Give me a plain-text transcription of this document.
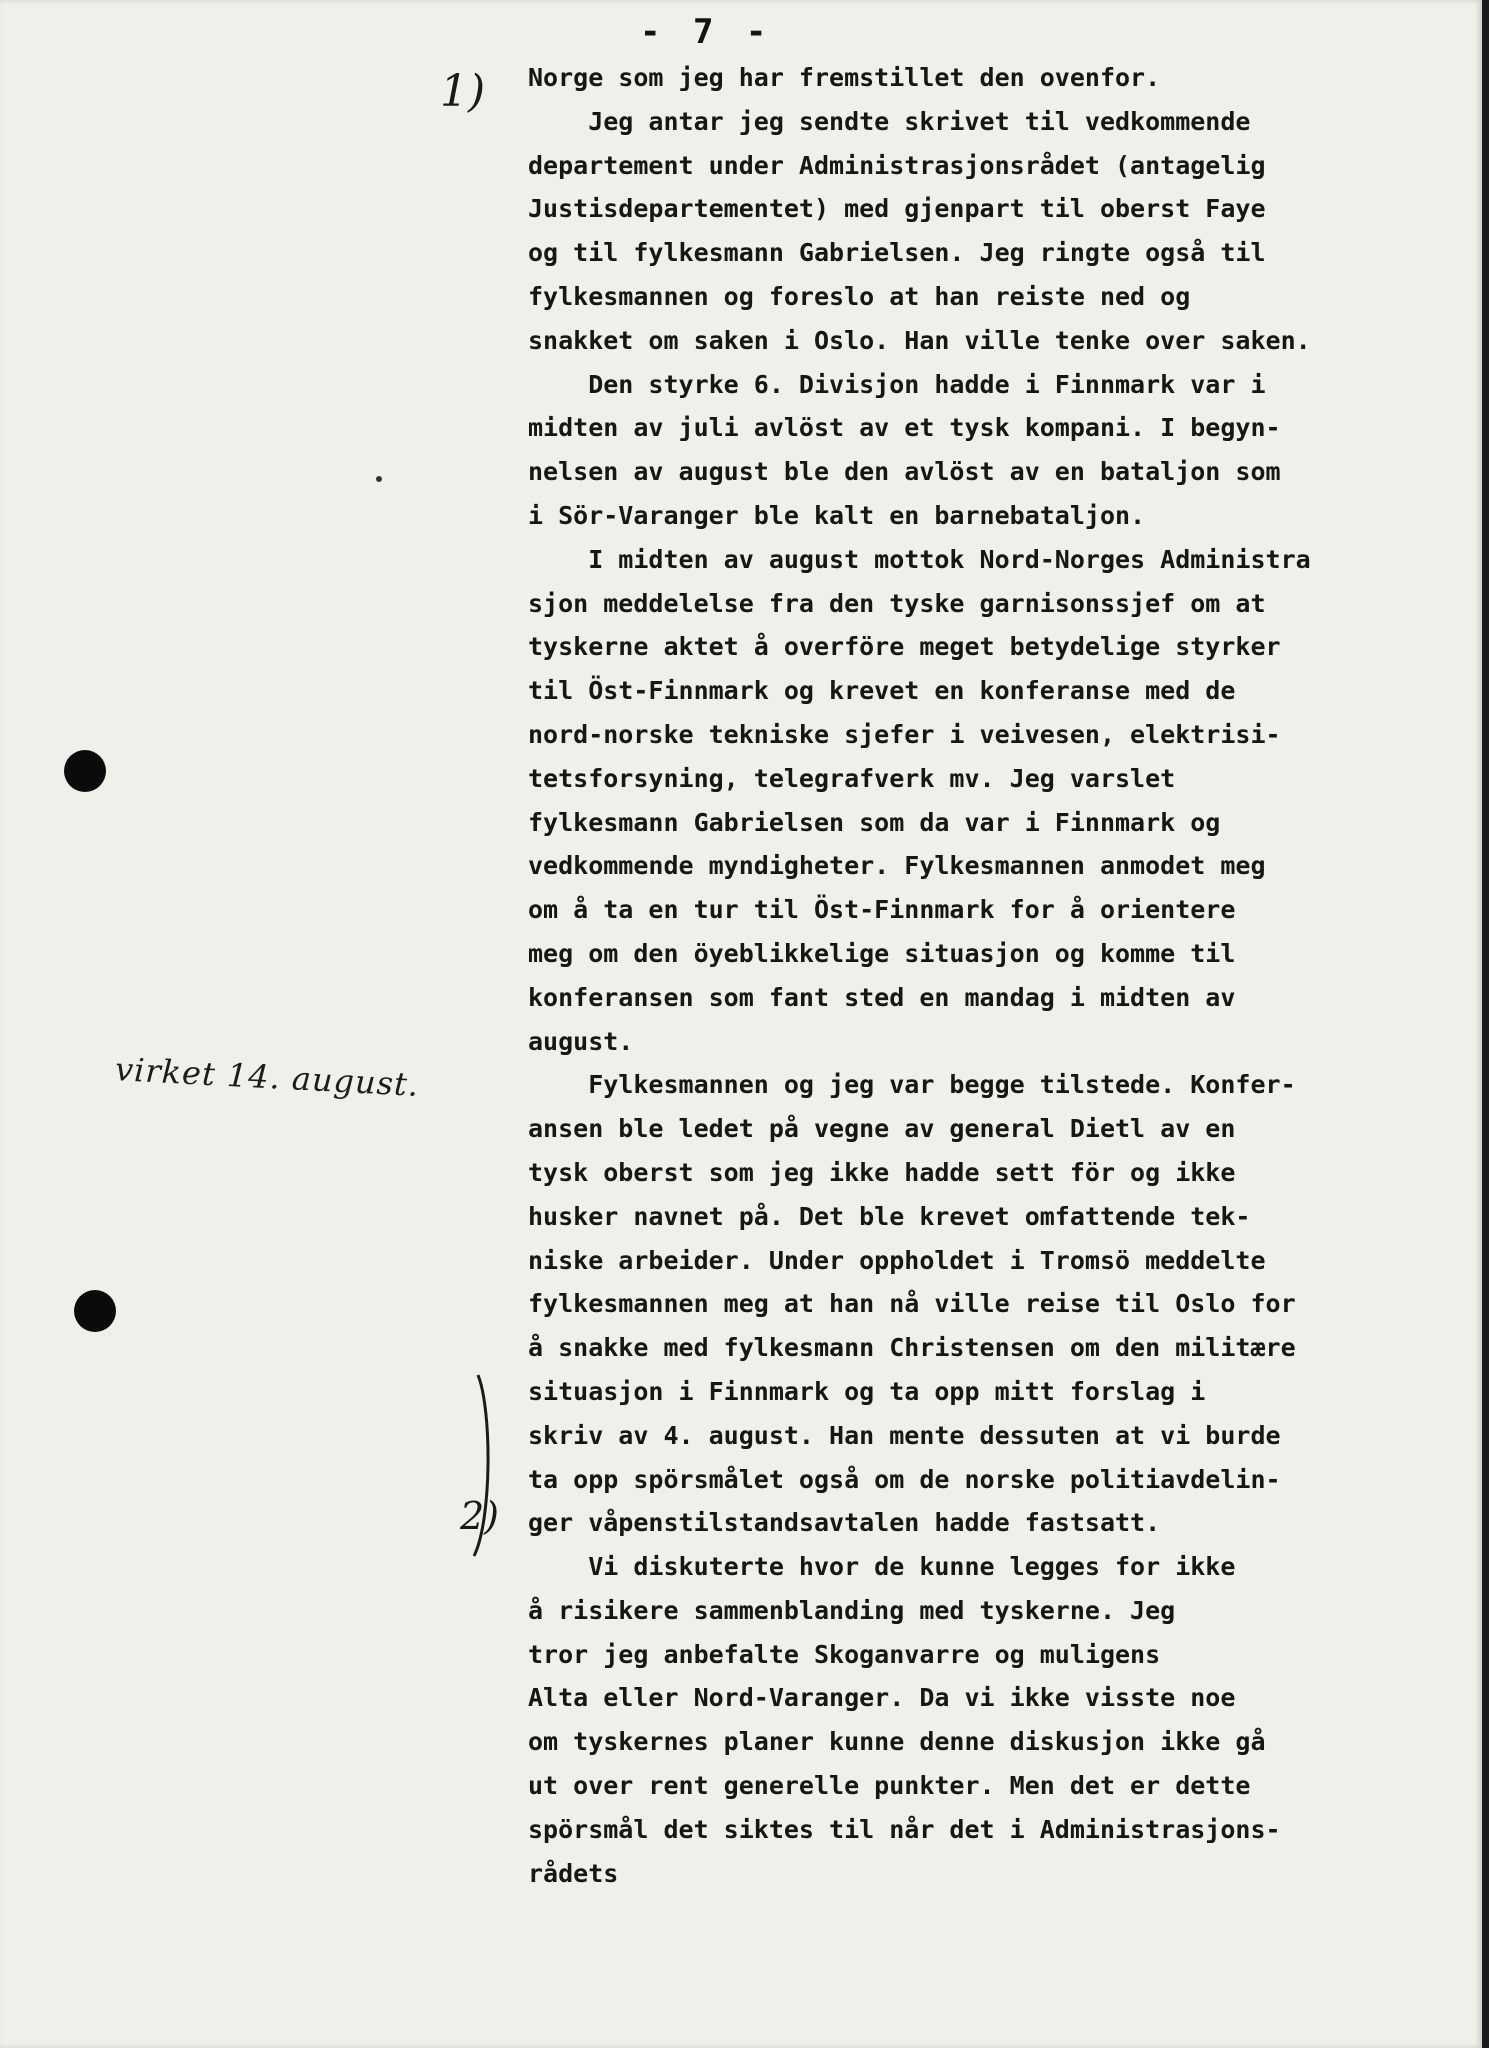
- 7 -
1)
virket 14. august.
2)
Norge som jeg har fremstillet den ovenfor.
Jeg antar jeg sendte skrivet til vedkommende
departement under Administrasjonsrådet (antagelig
Justisdepartementet) med gjenpart til oberst Faye
og til fylkesmann Gabrielsen. Jeg ringte også til
fylkesmannen og foreslo at han reiste ned og
snakket om saken i Oslo. Han ville tenke over saken.
Den styrke 6. Divisjon hadde i Finnmark var i
midten av juli avlöst av et tysk kompani. I begyn-
nelsen av august ble den avlöst av en bataljon som
i Sör-Varanger ble kalt en barnebataljon.
I midten av august mottok Nord-Norges Administra
sjon meddelelse fra den tyske garnisonssjef om at
tyskerne aktet å overföre meget betydelige styrker
til Öst-Finnmark og krevet en konferanse med de
nord-norske tekniske sjefer i veivesen, elektrisi-
tetsforsyning, telegrafverk mv. Jeg varslet
fylkesmann Gabrielsen som da var i Finnmark og
vedkommende myndigheter. Fylkesmannen anmodet meg
om å ta en tur til Öst-Finnmark for å orientere
meg om den öyeblikkelige situasjon og komme til
konferansen som fant sted en mandag i midten av
august.
Fylkesmannen og jeg var begge tilstede. Konfer-
ansen ble ledet på vegne av general Dietl av en
tysk oberst som jeg ikke hadde sett för og ikke
husker navnet på. Det ble krevet omfattende tek-
niske arbeider. Under oppholdet i Tromsö meddelte
fylkesmannen meg at han nå ville reise til Oslo for
å snakke med fylkesmann Christensen om den militære
situasjon i Finnmark og ta opp mitt forslag i
skriv av 4. august. Han mente dessuten at vi burde
ta opp spörsmålet også om de norske politiavdelin-
ger våpenstilstandsavtalen hadde fastsatt.
Vi diskuterte hvor de kunne legges for ikke
å risikere sammenblanding med tyskerne. Jeg
tror jeg anbefalte Skoganvarre og muligens
Alta eller Nord-Varanger. Da vi ikke visste noe
om tyskernes planer kunne denne diskusjon ikke gå
ut over rent generelle punkter. Men det er dette
spörsmål det siktes til når det i Administrasjons-
rådets
